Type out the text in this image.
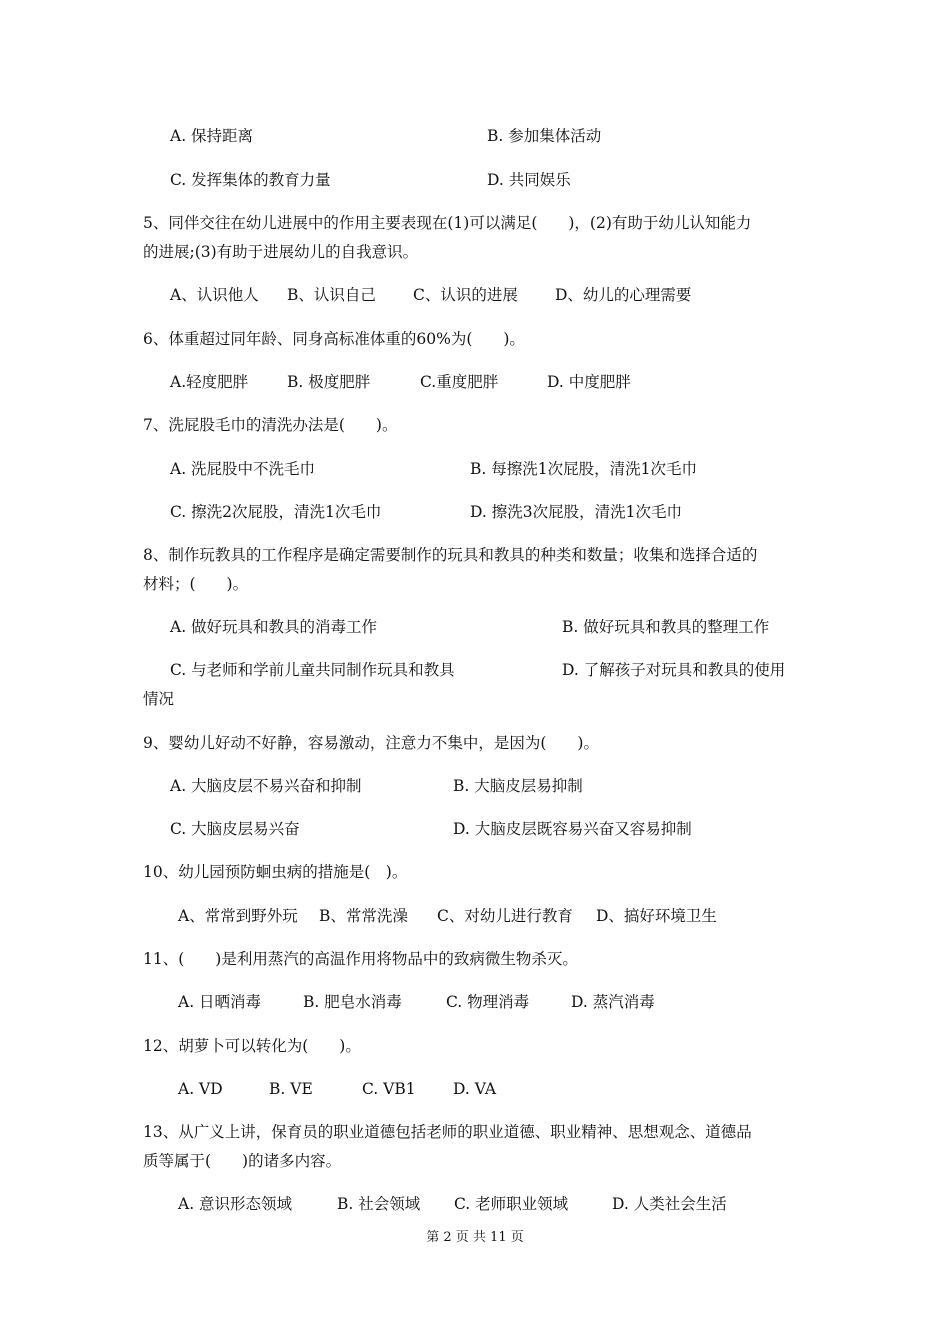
A. 保持距离	B. 参加集体活动

C. 发挥集体的教育力量	D. 共同娱乐

5、同伴交往在幼儿进展中的作用主要表现在(1)可以满足(　　)，(2)有助于幼儿认知能力

的进展;(3)有助于进展幼儿的自我意识。

A、认识他人 B、认识自己 C、认识的进展 D、幼儿的心理需要

6、体重超过同年龄、同身高标准体重的60%为(　　)。

A.轻度肥胖	B. 极度肥胖	C.重度肥胖	D. 中度肥胖

7、洗屁股毛巾的清洗办法是(　　)。

A. 洗屁股中不洗毛巾	B. 每擦洗1次屁股，清洗1次毛巾

C. 擦洗2次屁股，清洗1次毛巾	D. 擦洗3次屁股，清洗1次毛巾

8、制作玩教具的工作程序是确定需要制作的玩具和教具的种类和数量；收集和选择合适的

材料；(　　)。

A. 做好玩具和教具的消毒工作	B. 做好玩具和教具的整理工作

C. 与老师和学前儿童共同制作玩具和教具	D. 了解孩子对玩具和教具的使用

情况

9、婴幼儿好动不好静，容易激动，注意力不集中，是因为(　　)。

A. 大脑皮层不易兴奋和抑制	B. 大脑皮层易抑制

C. 大脑皮层易兴奋	D. 大脑皮层既容易兴奋又容易抑制

10、幼儿园预防蛔虫病的措施是(　)。

A、常常到野外玩 B、常常洗澡 C、对幼儿进行教育 D、搞好环境卫生

11、(　　)是利用蒸汽的高温作用将物品中的致病微生物杀灭。

A. 日晒消毒	B. 肥皂水消毒	C. 物理消毒	D. 蒸汽消毒

12、胡萝卜可以转化为(　　)。

A. VD	B. VE	C. VB1 D. VA

13、从广义上讲，保育员的职业道德包括老师的职业道德、职业精神、思想观念、道德品

质等属于(　　)的诸多内容。

A. 意识形态领域	B. 社会领域 C. 老师职业领域	D. 人类社会生活

第 2 页 共 11 页
